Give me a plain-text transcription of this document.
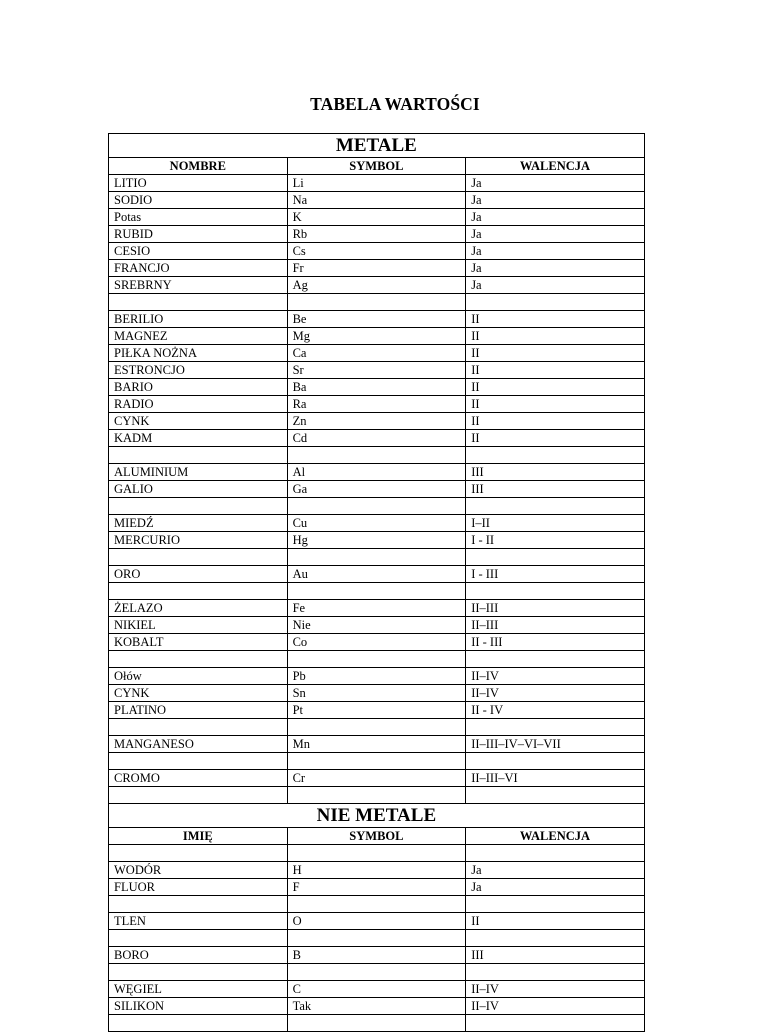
TABELA WARTOŚCI
METALE		
NOMBRE	SYMBOL	WALENCJA
LITIO	Li	Ja
SODIO	Na	Ja
Potas	K	Ja
RUBID	Rb	Ja
CESIO	Cs	Ja
FRANCJO	Fr	Ja
SREBRNY	Ag	Ja

BERILIO	Be	II
MAGNEZ	Mg	II
PIŁKA NOŻNA	Ca	II
ESTRONCJO	Sr	II
BARIO	Ba	II
RADIO	Ra	II
CYNK	Zn	II
KADM	Cd	II

ALUMINIUM	Al	III
GALIO	Ga	III

MIEDŹ	Cu	I–II
MERCURIO	Hg	I - II

ORO	Au	I - III

ŻELAZO	Fe	II–III
NIKIEL	Nie	II–III
KOBALT	Co	II - III

Ołów	Pb	II–IV
CYNK	Sn	II–IV
PLATINO	Pt	II - IV

MANGANESO	Mn	II–III–IV–VI–VII

CROMO	Cr	II–III–VI

NIE METALE		
IMIĘ	SYMBOL	WALENCJA

WODÓR	H	Ja
FLUOR	F	Ja

TLEN	O	II

BORO	B	III

WĘGIEL	C	II–IV
SILIKON	Tak	II–IV
